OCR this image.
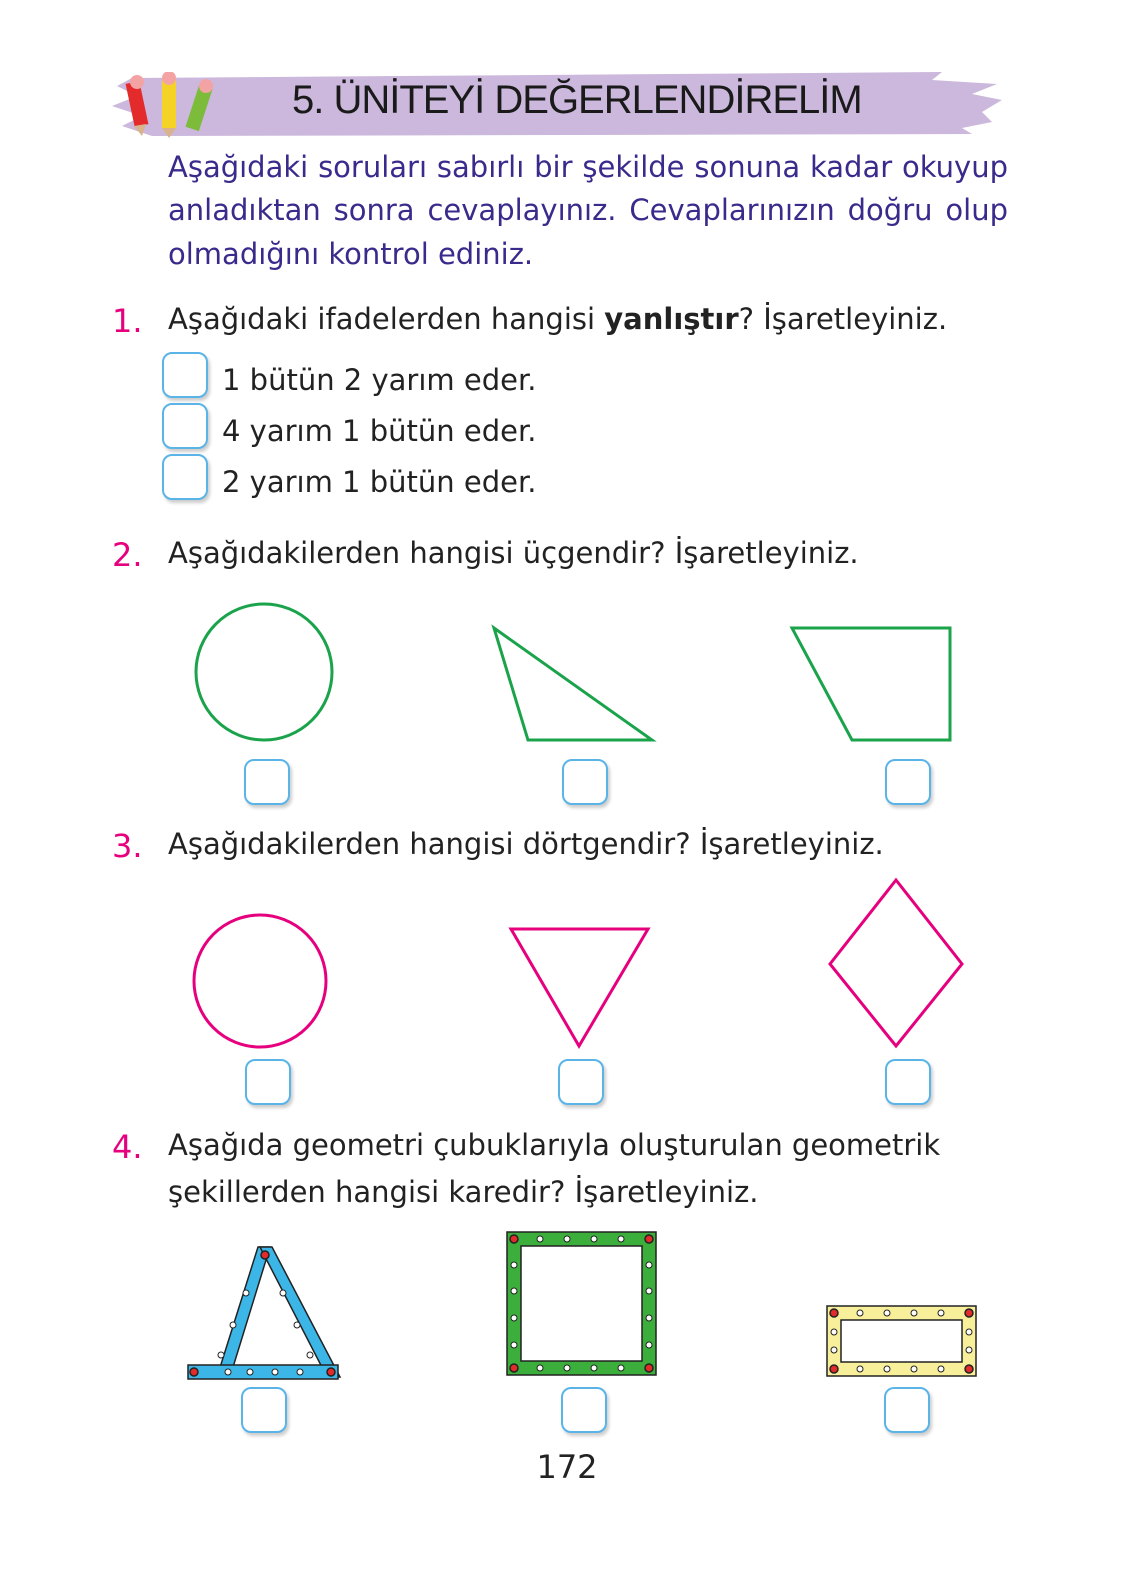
5. ÜNİTEYİ DEĞERLENDİRELİM
Aşağıdaki soruları sabırlı bir şekilde sonuna kadar okuyup
anladıktan sonra cevaplayınız. Cevaplarınızın doğru olup
olmadığını kontrol ediniz.
1. Aşağıdaki ifadelerden hangisi yanlıştır? İşaretleyiniz.
1 bütün 2 yarım eder.
4 yarım 1 bütün eder.
2 yarım 1 bütün eder.
2. Aşağıdakilerden hangisi üçgendir? İşaretleyiniz.
3. Aşağıdakilerden hangisi dörtgendir? İşaretleyiniz.
4. Aşağıda geometri çubuklarıyla oluşturulan geometrik
şekillerden hangisi karedir? İşaretleyiniz.
172
